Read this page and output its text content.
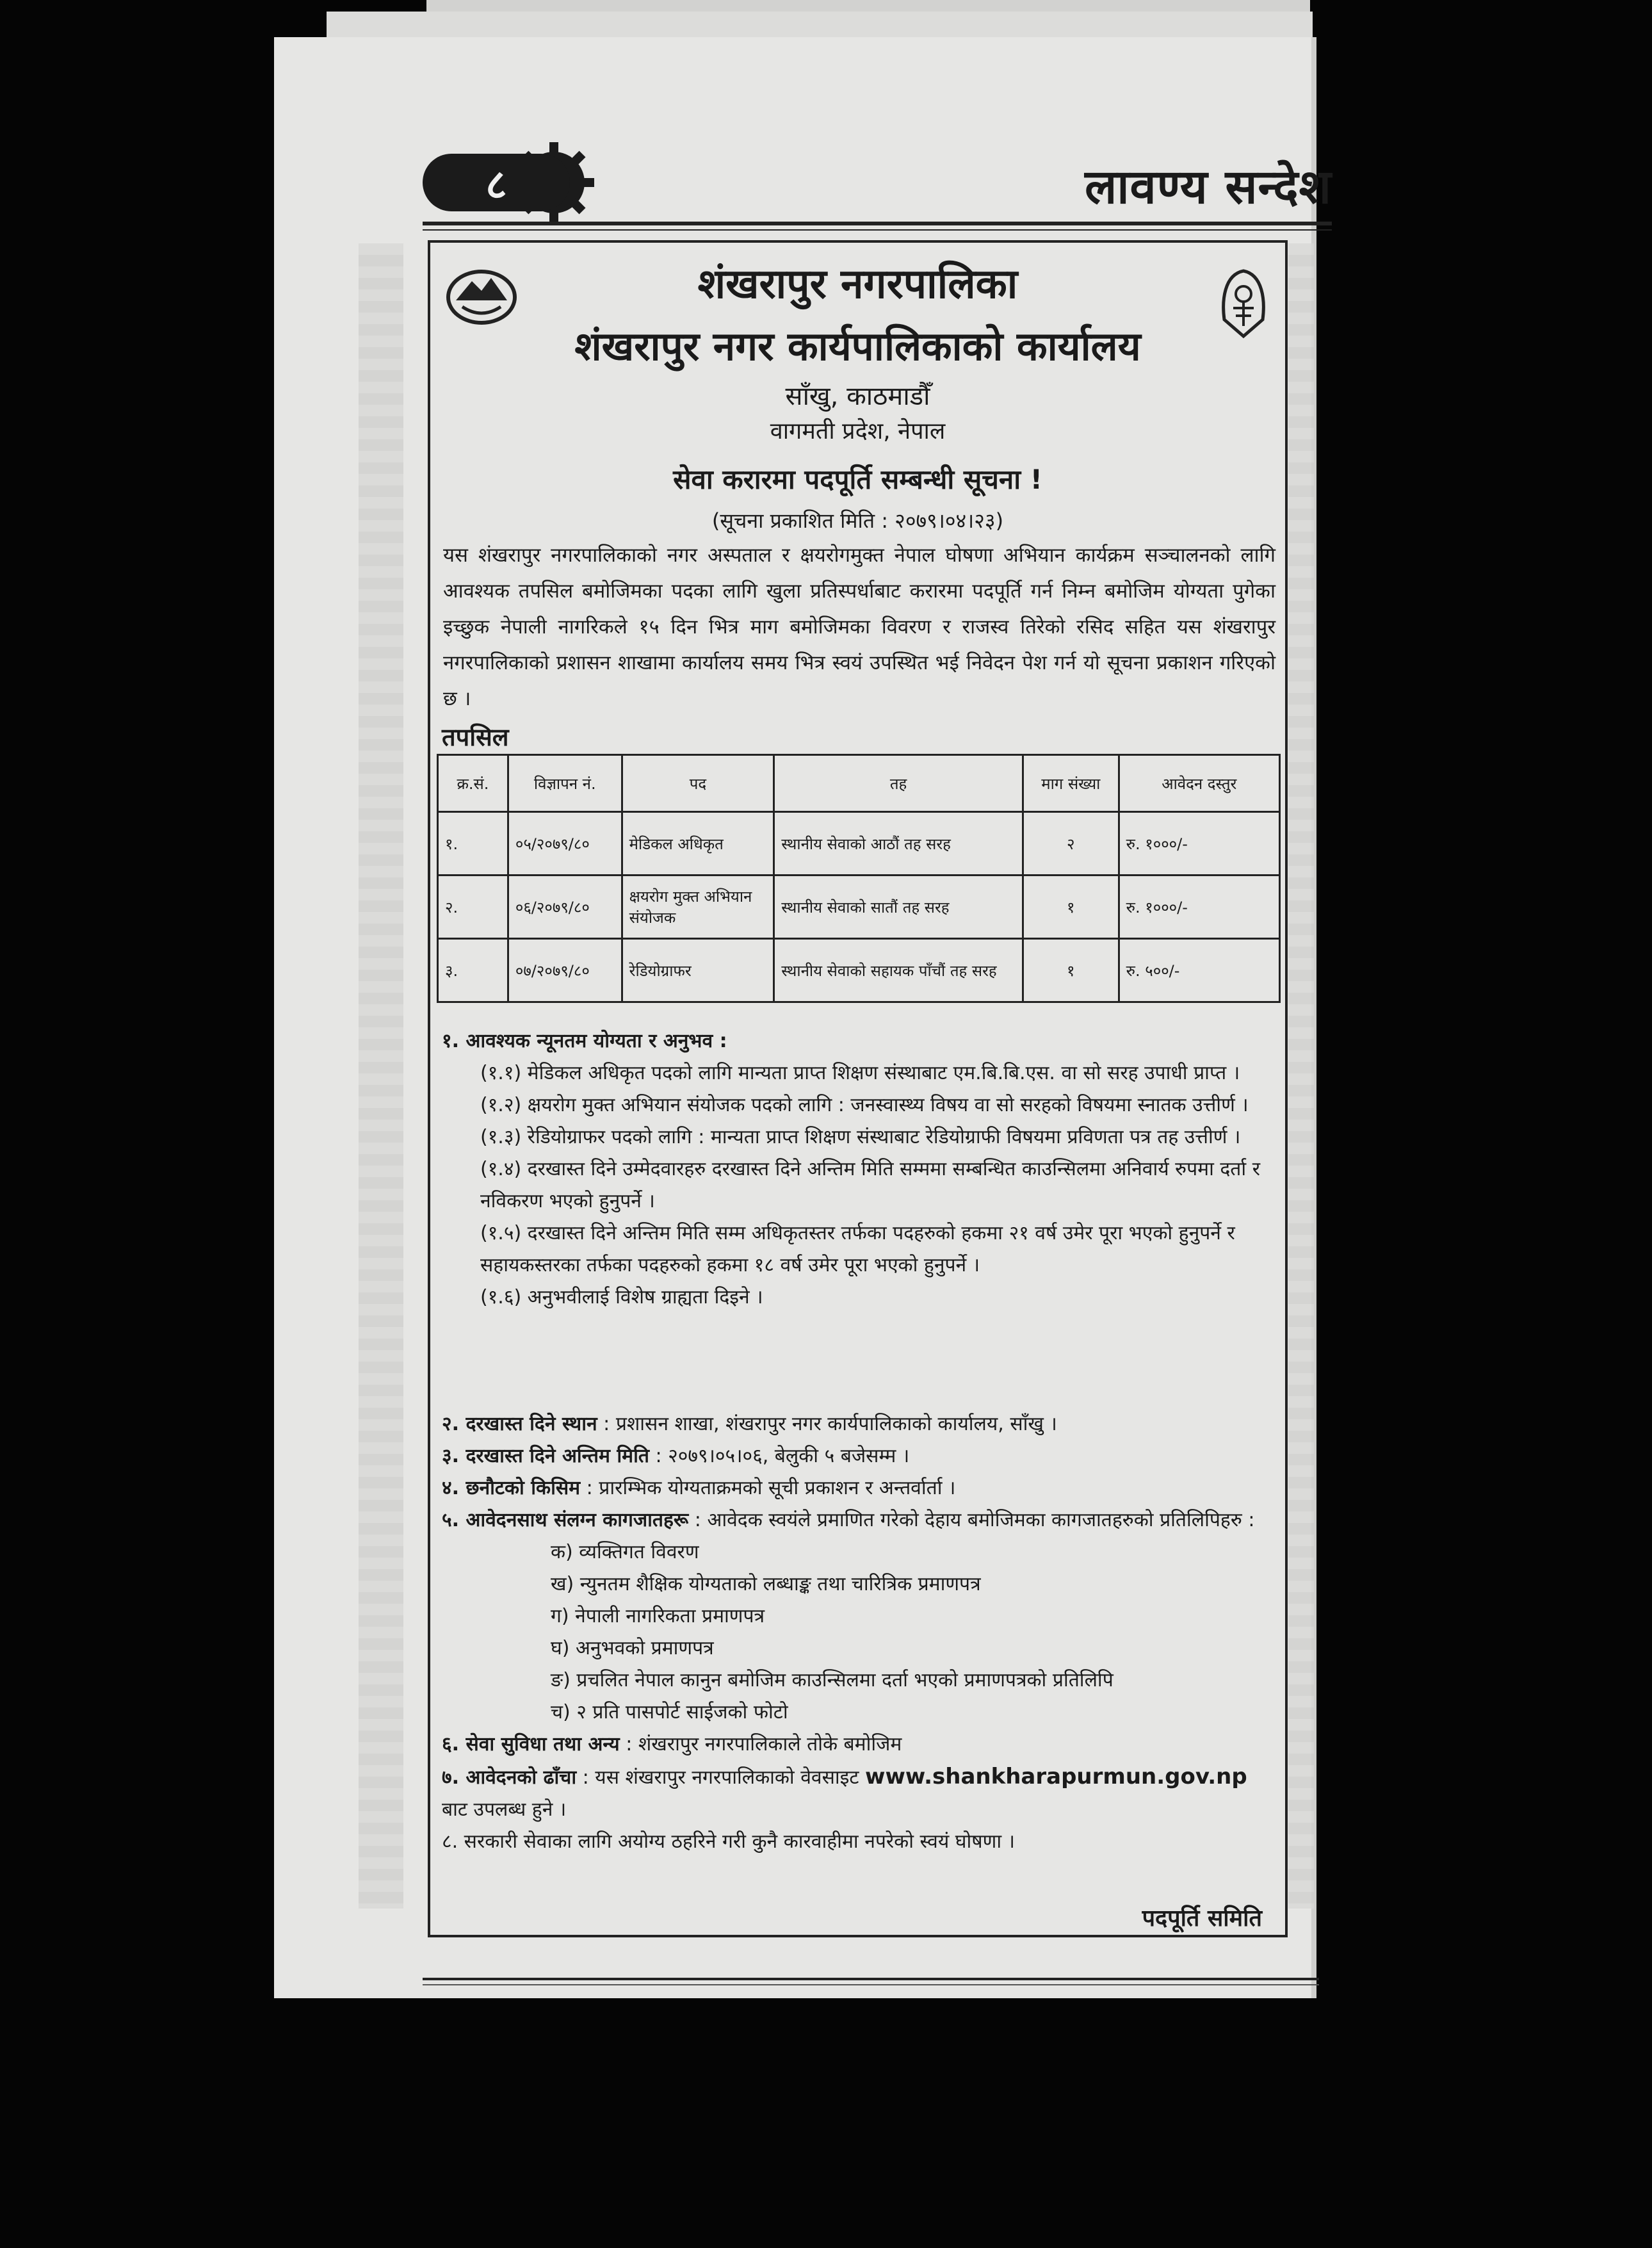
८	लावण्य सन्देश
शंखरापुर नगरपालिका
शंखरापुर नगर कार्यपालिकाको कार्यालय
साँखु, काठमाडौँ
वागमती प्रदेश, नेपाल
सेवा करारमा पदपूर्ति सम्बन्धी सूचना !
(सूचना प्रकाशित मिति : २०७९।०४।२३)
यस शंखरापुर नगरपालिकाको नगर अस्पताल र क्षयरोगमुक्त नेपाल घोषणा अभियान कार्यक्रम सञ्चालनको लागि आवश्यक तपसिल बमोजिमका पदका लागि खुला प्रतिस्पर्धाबाट करारमा पदपूर्ति गर्न निम्न बमोजिम योग्यता पुगेका इच्छुक नेपाली नागरिकले १५ दिन भित्र माग बमोजिमका विवरण र राजस्व तिरेको रसिद सहित यस शंखरापुर नगरपालिकाको प्रशासन शाखामा कार्यालय समय भित्र स्वयं उपस्थित भई निवेदन पेश गर्न यो सूचना प्रकाशन गरिएको छ ।
तपसिल
क्र.सं.	विज्ञापन नं.	पद	तह	माग संख्या	आवेदन दस्तुर
१.	०५/२०७९/८०	मेडिकल अधिकृत	स्थानीय सेवाको आठौं तह सरह	२	रु. १०००/-
२.	०६/२०७९/८०	क्षयरोग मुक्त अभियान संयोजक	स्थानीय सेवाको सातौं तह सरह	१	रु. १०००/-
३.	०७/२०७९/८०	रेडियोग्राफर	स्थानीय सेवाको सहायक पाँचौं तह सरह	१	रु. ५००/-
१. आवश्यक न्यूनतम योग्यता र अनुभव :
(१.१) मेडिकल अधिकृत पदको लागि मान्यता प्राप्त शिक्षण संस्थाबाट एम.बि.बि.एस. वा सो सरह उपाधी प्राप्त ।
(१.२) क्षयरोग मुक्त अभियान संयोजक पदको लागि : जनस्वास्थ्य विषय वा सो सरहको विषयमा स्नातक उत्तीर्ण ।
(१.३) रेडियोग्राफर पदको लागि : मान्यता प्राप्त शिक्षण संस्थाबाट रेडियोग्राफी विषयमा प्रविणता पत्र तह उत्तीर्ण ।
(१.४) दरखास्त दिने उम्मेदवारहरु दरखास्त दिने अन्तिम मिति सम्ममा सम्बन्धित काउन्सिलमा अनिवार्य रुपमा दर्ता र नविकरण भएको हुनुपर्ने ।
(१.५) दरखास्त दिने अन्तिम मिति सम्म अधिकृतस्तर तर्फका पदहरुको हकमा २१ वर्ष उमेर पूरा भएको हुनुपर्ने र सहायकस्तरका तर्फका पदहरुको हकमा १८ वर्ष उमेर पूरा भएको हुनुपर्ने ।
(१.६) अनुभवीलाई विशेष ग्राह्यता दिइने ।
२. दरखास्त दिने स्थान : प्रशासन शाखा, शंखरापुर नगर कार्यपालिकाको कार्यालय, साँखु ।
३. दरखास्त दिने अन्तिम मिति : २०७९।०५।०६, बेलुकी ५ बजेसम्म ।
४. छनौटको किसिम : प्रारम्भिक योग्यताक्रमको सूची प्रकाशन र अन्तर्वार्ता ।
५. आवेदनसाथ संलग्न कागजातहरू : आवेदक स्वयंले प्रमाणित गरेको देहाय बमोजिमका कागजातहरुको प्रतिलिपिहरु :
क) व्यक्तिगत विवरण
ख) न्युनतम शैक्षिक योग्यताको लब्धाङ्क तथा चारित्रिक प्रमाणपत्र
ग) नेपाली नागरिकता प्रमाणपत्र
घ) अनुभवको प्रमाणपत्र
ङ) प्रचलित नेपाल कानुन बमोजिम काउन्सिलमा दर्ता भएको प्रमाणपत्रको प्रतिलिपि
च) २ प्रति पासपोर्ट साईजको फोटो
६. सेवा सुविधा तथा अन्य : शंखरापुर नगरपालिकाले तोके बमोजिम
७. आवेदनको ढाँचा : यस शंखरापुर नगरपालिकाको वेवसाइट www.shankharapurmun.gov.np
बाट उपलब्ध हुने ।
८. सरकारी सेवाका लागि अयोग्य ठहरिने गरी कुनै कारवाहीमा नपरेको स्वयं घोषणा ।
पदपूर्ति समिति
